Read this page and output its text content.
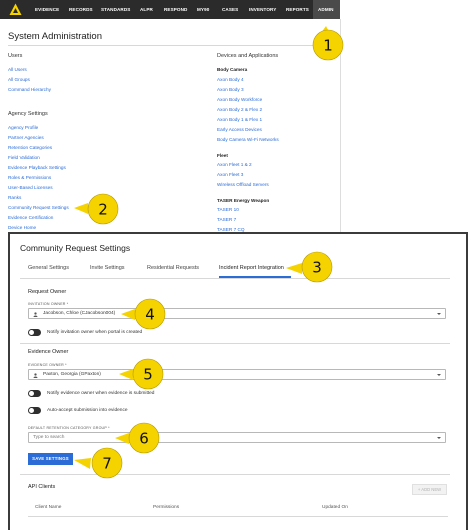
EVIDENCE RECORDS STANDARDS ALPR RESPOND MY90	CASES INVENTORY REPORTS ADMIN
System Administration
Users
All Users
All Groups
Command Hierarchy
Agency Settings
Agency Profile
Partner Agencies
Retention Categories
Field Validation
Evidence Playback Settings
Roles & Permissions
User-Based Licenses
Ranks
Community Request Settings
Evidence Certification
Device Home
Devices and Applications
Body Camera
Axon Body 4
Axon Body 3
Axon Body Workforce
Axon Body 2 & Flex 2
Axon Body 1 & Flex 1
Early Access Devices
Body Camera Wi-Fi Networks
Fleet
Axon Fleet 1 & 2
Axon Fleet 3
Wireless Offload Servers
TASER Energy Weapon
TASER 10
TASER 7
TASER 7 CQ
Community Request Settings
General Settings	Invite Settings	Residential Requests	Incident Report Integration
Request Owner
INVITATION OWNER *
Jacobson, Chloe (CJacobson004)
Notify invitation owner when portal is created
Evidence Owner
EVIDENCE OWNER *
Paxton, Georgia (GPaxton)
Notify evidence owner when evidence is submitted
Auto-accept submission into evidence
DEFAULT RETENTION CATEGORY GROUP *
Type to search
SAVE SETTINGS
API Clients	+ ADD NEW
Client Name	Permissions	Updated On
1
2
3
4
5
6
7
